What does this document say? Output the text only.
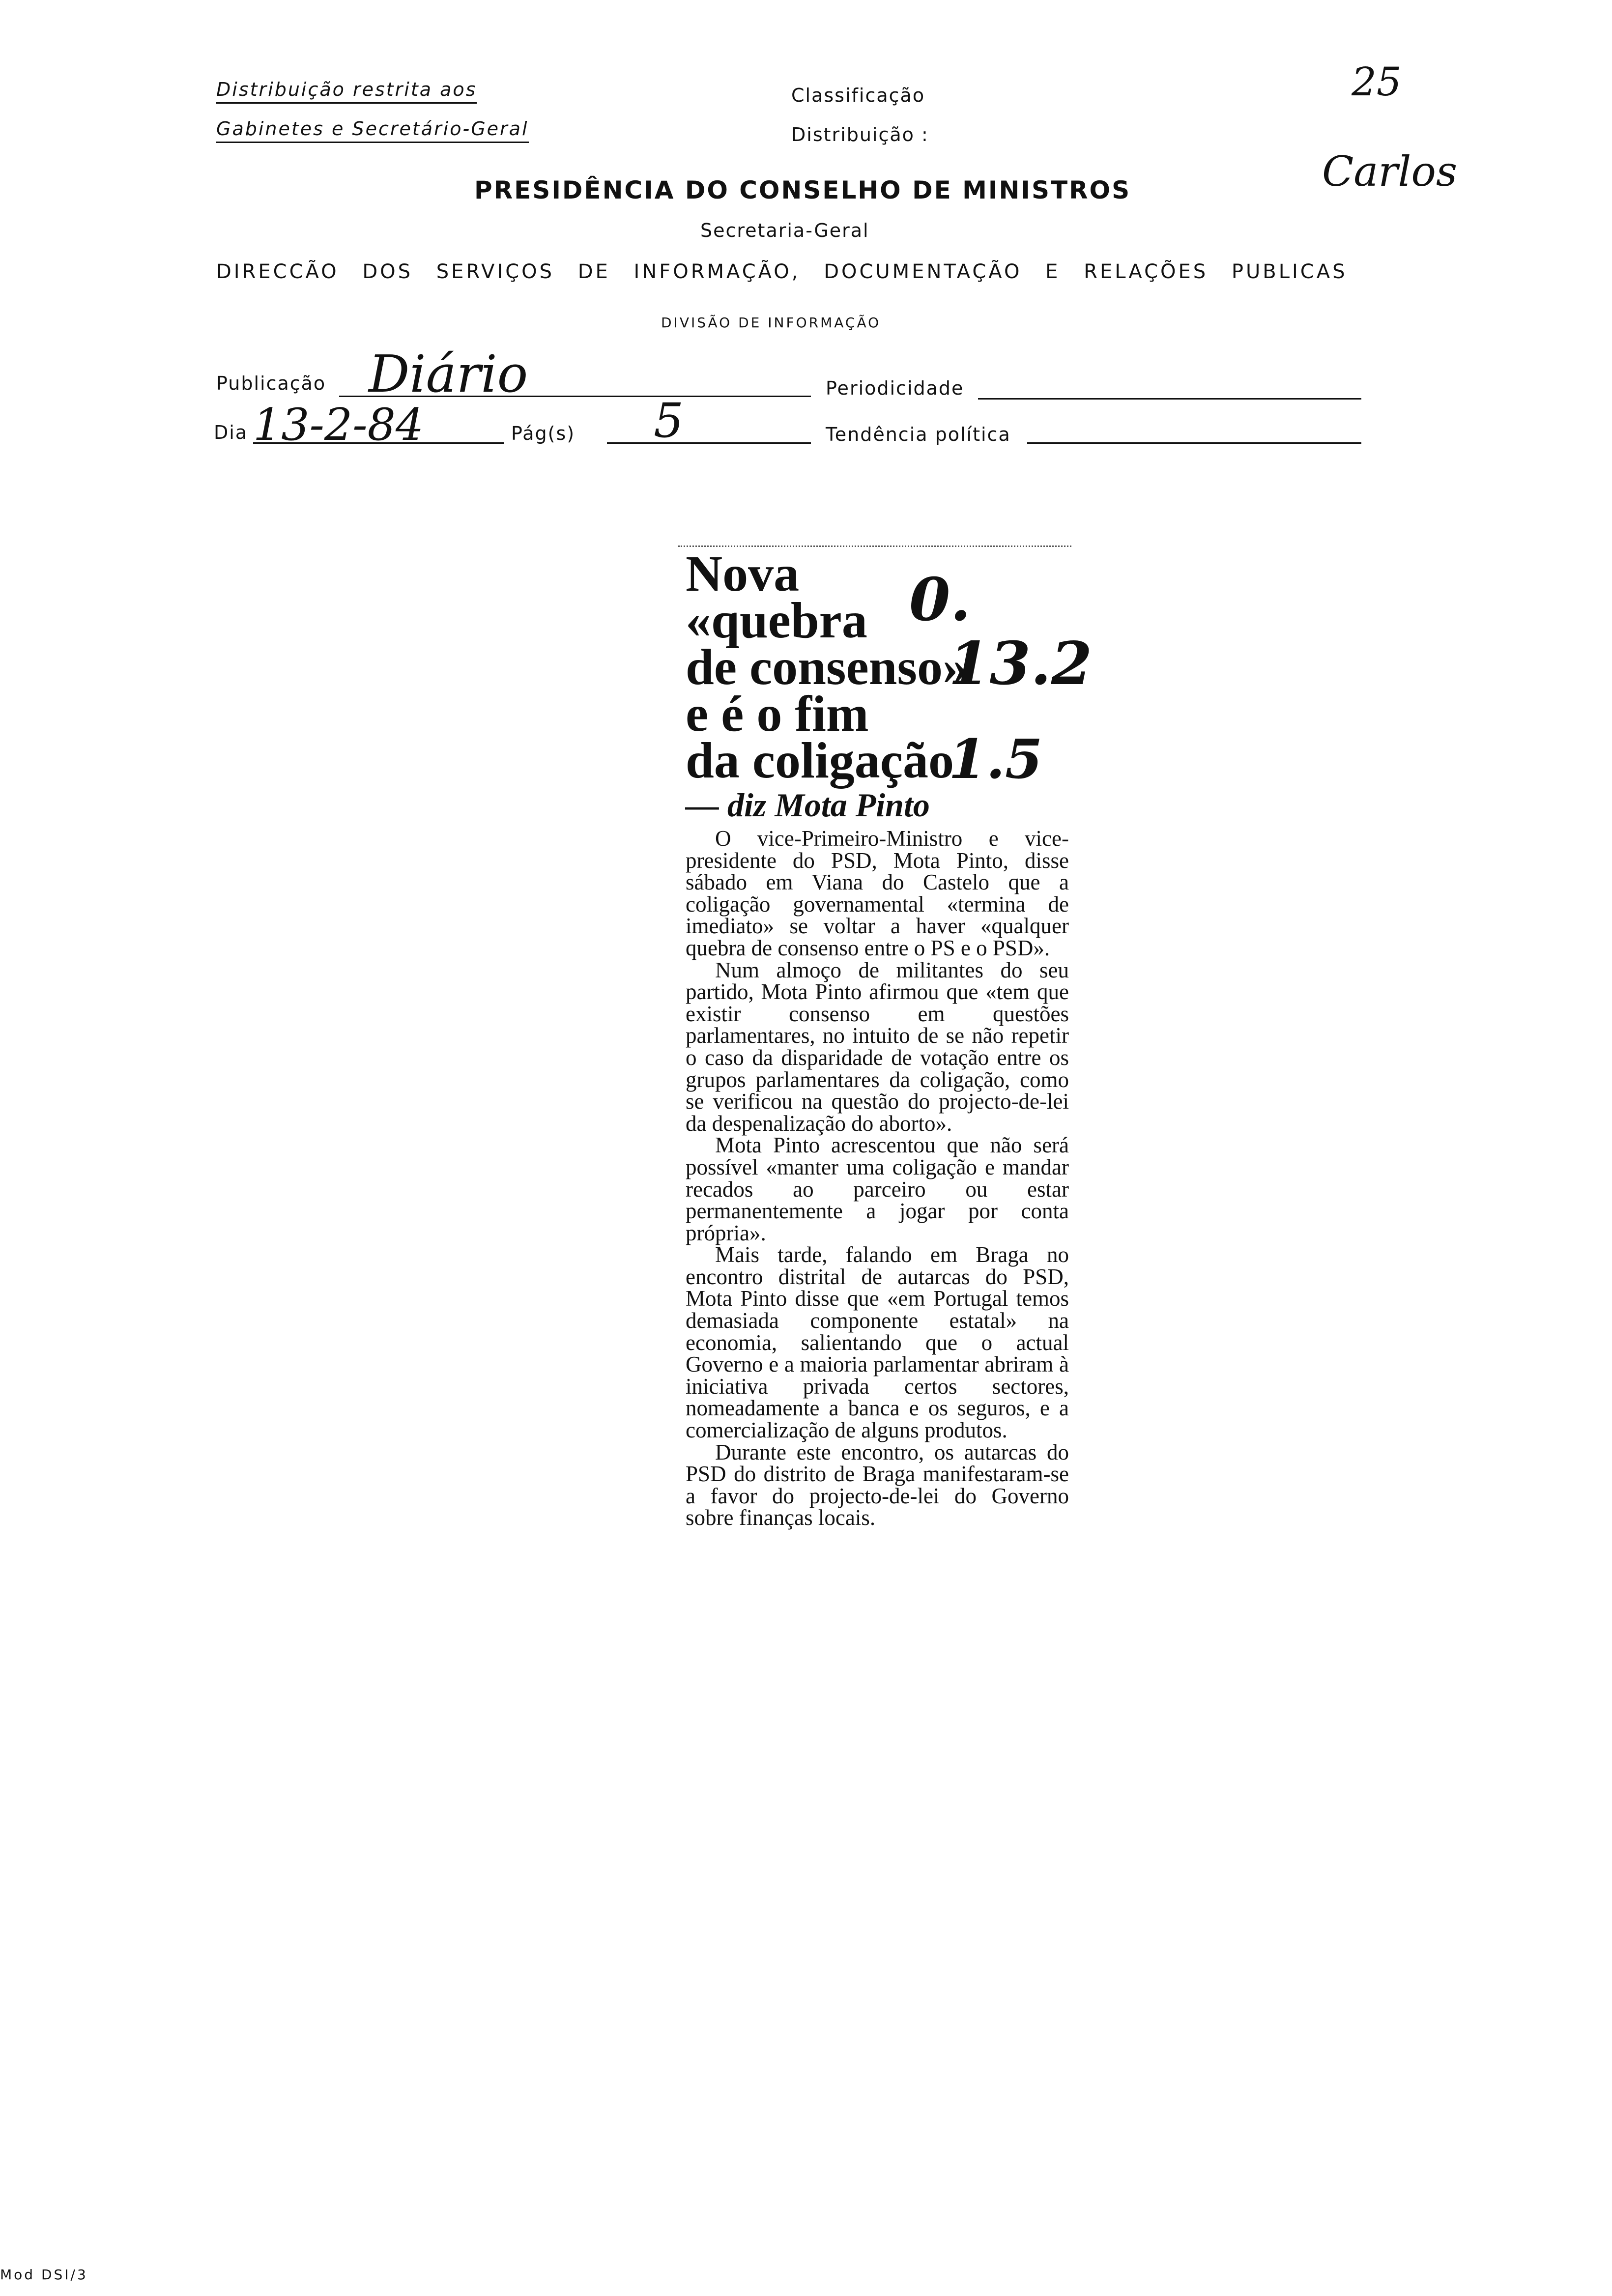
Distribuição restrita aos
Gabinetes e Secretário-Geral
Classificação
Distribuição :
PRESIDÊNCIA DO CONSELHO DE MINISTROS
Secretaria-Geral
DIRECCÃO DOS SERVIÇOS DE INFORMAÇÃO, DOCUMENTAÇÃO E RELAÇÕES PUBLICAS
DIVISÃO DE INFORMAÇÃO
25
Carlos
Publicação Diário	Periodicidade
Dia 13-2-84	Pág(s) 5	Tendência política
Nova
«quebra
de consenso»
e é o fim
da coligação
— diz Mota Pinto

O vice-Primeiro-Ministro e vice-presidente do PSD, Mota Pinto, disse sábado em Viana do Castelo que a coligação governamental «termina de imediato» se voltar a haver «qualquer quebra de consenso entre o PS e o PSD».

Num almoço de militantes do seu partido, Mota Pinto afirmou que «tem que existir consenso em questões parlamentares, no intuito de se não repetir o caso da disparidade de votação entre os grupos parlamentares da coligação, como se verificou na questão do projecto-de-lei da despenalização do aborto».

Mota Pinto acrescentou que não será possível «manter uma coligação e mandar recados ao parceiro ou estar permanentemente a jogar por conta própria».

Mais tarde, falando em Braga no encontro distrital de autarcas do PSD, Mota Pinto disse que «em Portugal temos demasiada componente estatal» na economia, salientando que o actual Governo e a maioria parlamentar abriram à iniciativa privada certos sectores, nomeadamente a banca e os seguros, e a comercialização de alguns produtos.

Durante este encontro, os autarcas do PSD do distrito de Braga manifestaram-se a favor do projecto-de-lei do Governo sobre finanças locais.

0.
13.2
1.5
Mod DSI/3
